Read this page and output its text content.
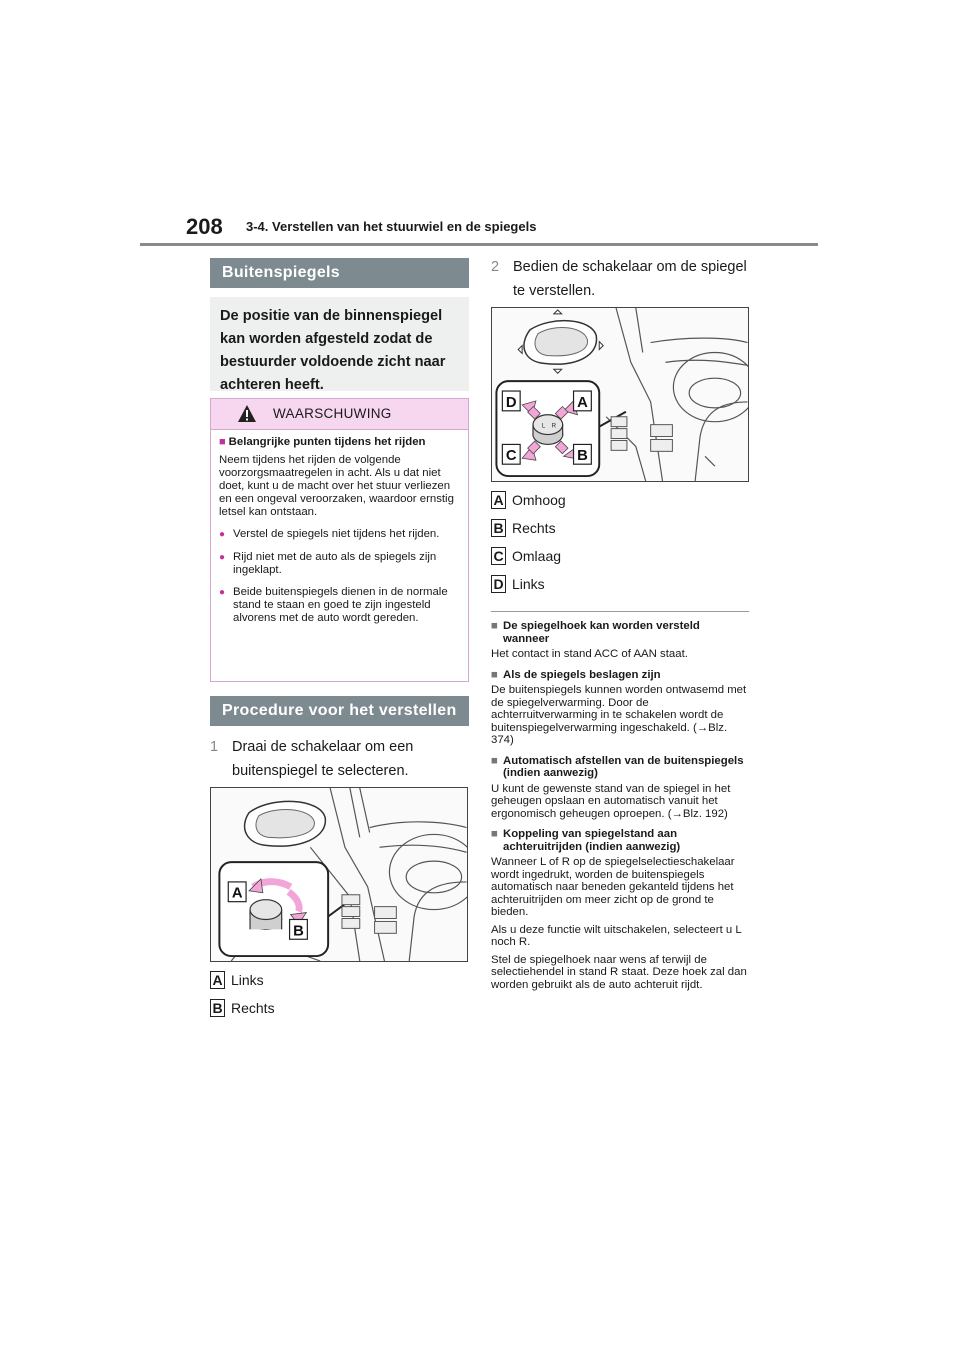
208 3-4. Verstellen van het stuurwiel en de spiegels
Buitenspiegels
De positie van de binnenspiegel kan worden afgesteld zodat de bestuurder voldoende zicht naar achteren heeft.
WAARSCHUWING
■ Belangrijke punten tijdens het rijden
Neem tijdens het rijden de volgende voorzorgsmaatregelen in acht. Als u dat niet doet, kunt u de macht over het stuur verliezen en een ongeval veroorzaken, waardoor ernstig letsel kan ontstaan.
● Verstel de spiegels niet tijdens het rijden.
● Rijd niet met de auto als de spiegels zijn ingeklapt.
● Beide buitenspiegels dienen in de normale stand te staan en goed te zijn ingesteld alvorens met de auto wordt gereden.
Procedure voor het verstellen
1 Draai de schakelaar om een buitenspiegel te selecteren.
A
B
A Links
B Rechts
2 Bedien de schakelaar om de spiegel te verstellen.
L R
D	A
C	B
A Omhoog
B Rechts
C Omlaag
D Links
■ De spiegelhoek kan worden versteld wanneer
Het contact in stand ACC of AAN staat.
■ Als de spiegels beslagen zijn
De buitenspiegels kunnen worden ontwasemd met de spiegelverwarming. Door de achterruitverwarming in te schakelen wordt de buitenspiegelverwarming ingeschakeld. (→Blz. 374)
■ Automatisch afstellen van de buitenspiegels (indien aanwezig)
U kunt de gewenste stand van de spiegel in het geheugen opslaan en automatisch vanuit het ergonomisch geheugen oproepen. (→Blz. 192)
■ Koppeling van spiegelstand aan achteruitrijden (indien aanwezig)
Wanneer L of R op de spiegelselectieschakelaar wordt ingedrukt, worden de buitenspiegels automatisch naar beneden gekanteld tijdens het achteruitrijden om meer zicht op de grond te bieden.
Als u deze functie wilt uitschakelen, selecteert u L noch R.
Stel de spiegelhoek naar wens af terwijl de selectiehendel in stand R staat. Deze hoek zal dan worden gebruikt als de auto achteruit rijdt.
